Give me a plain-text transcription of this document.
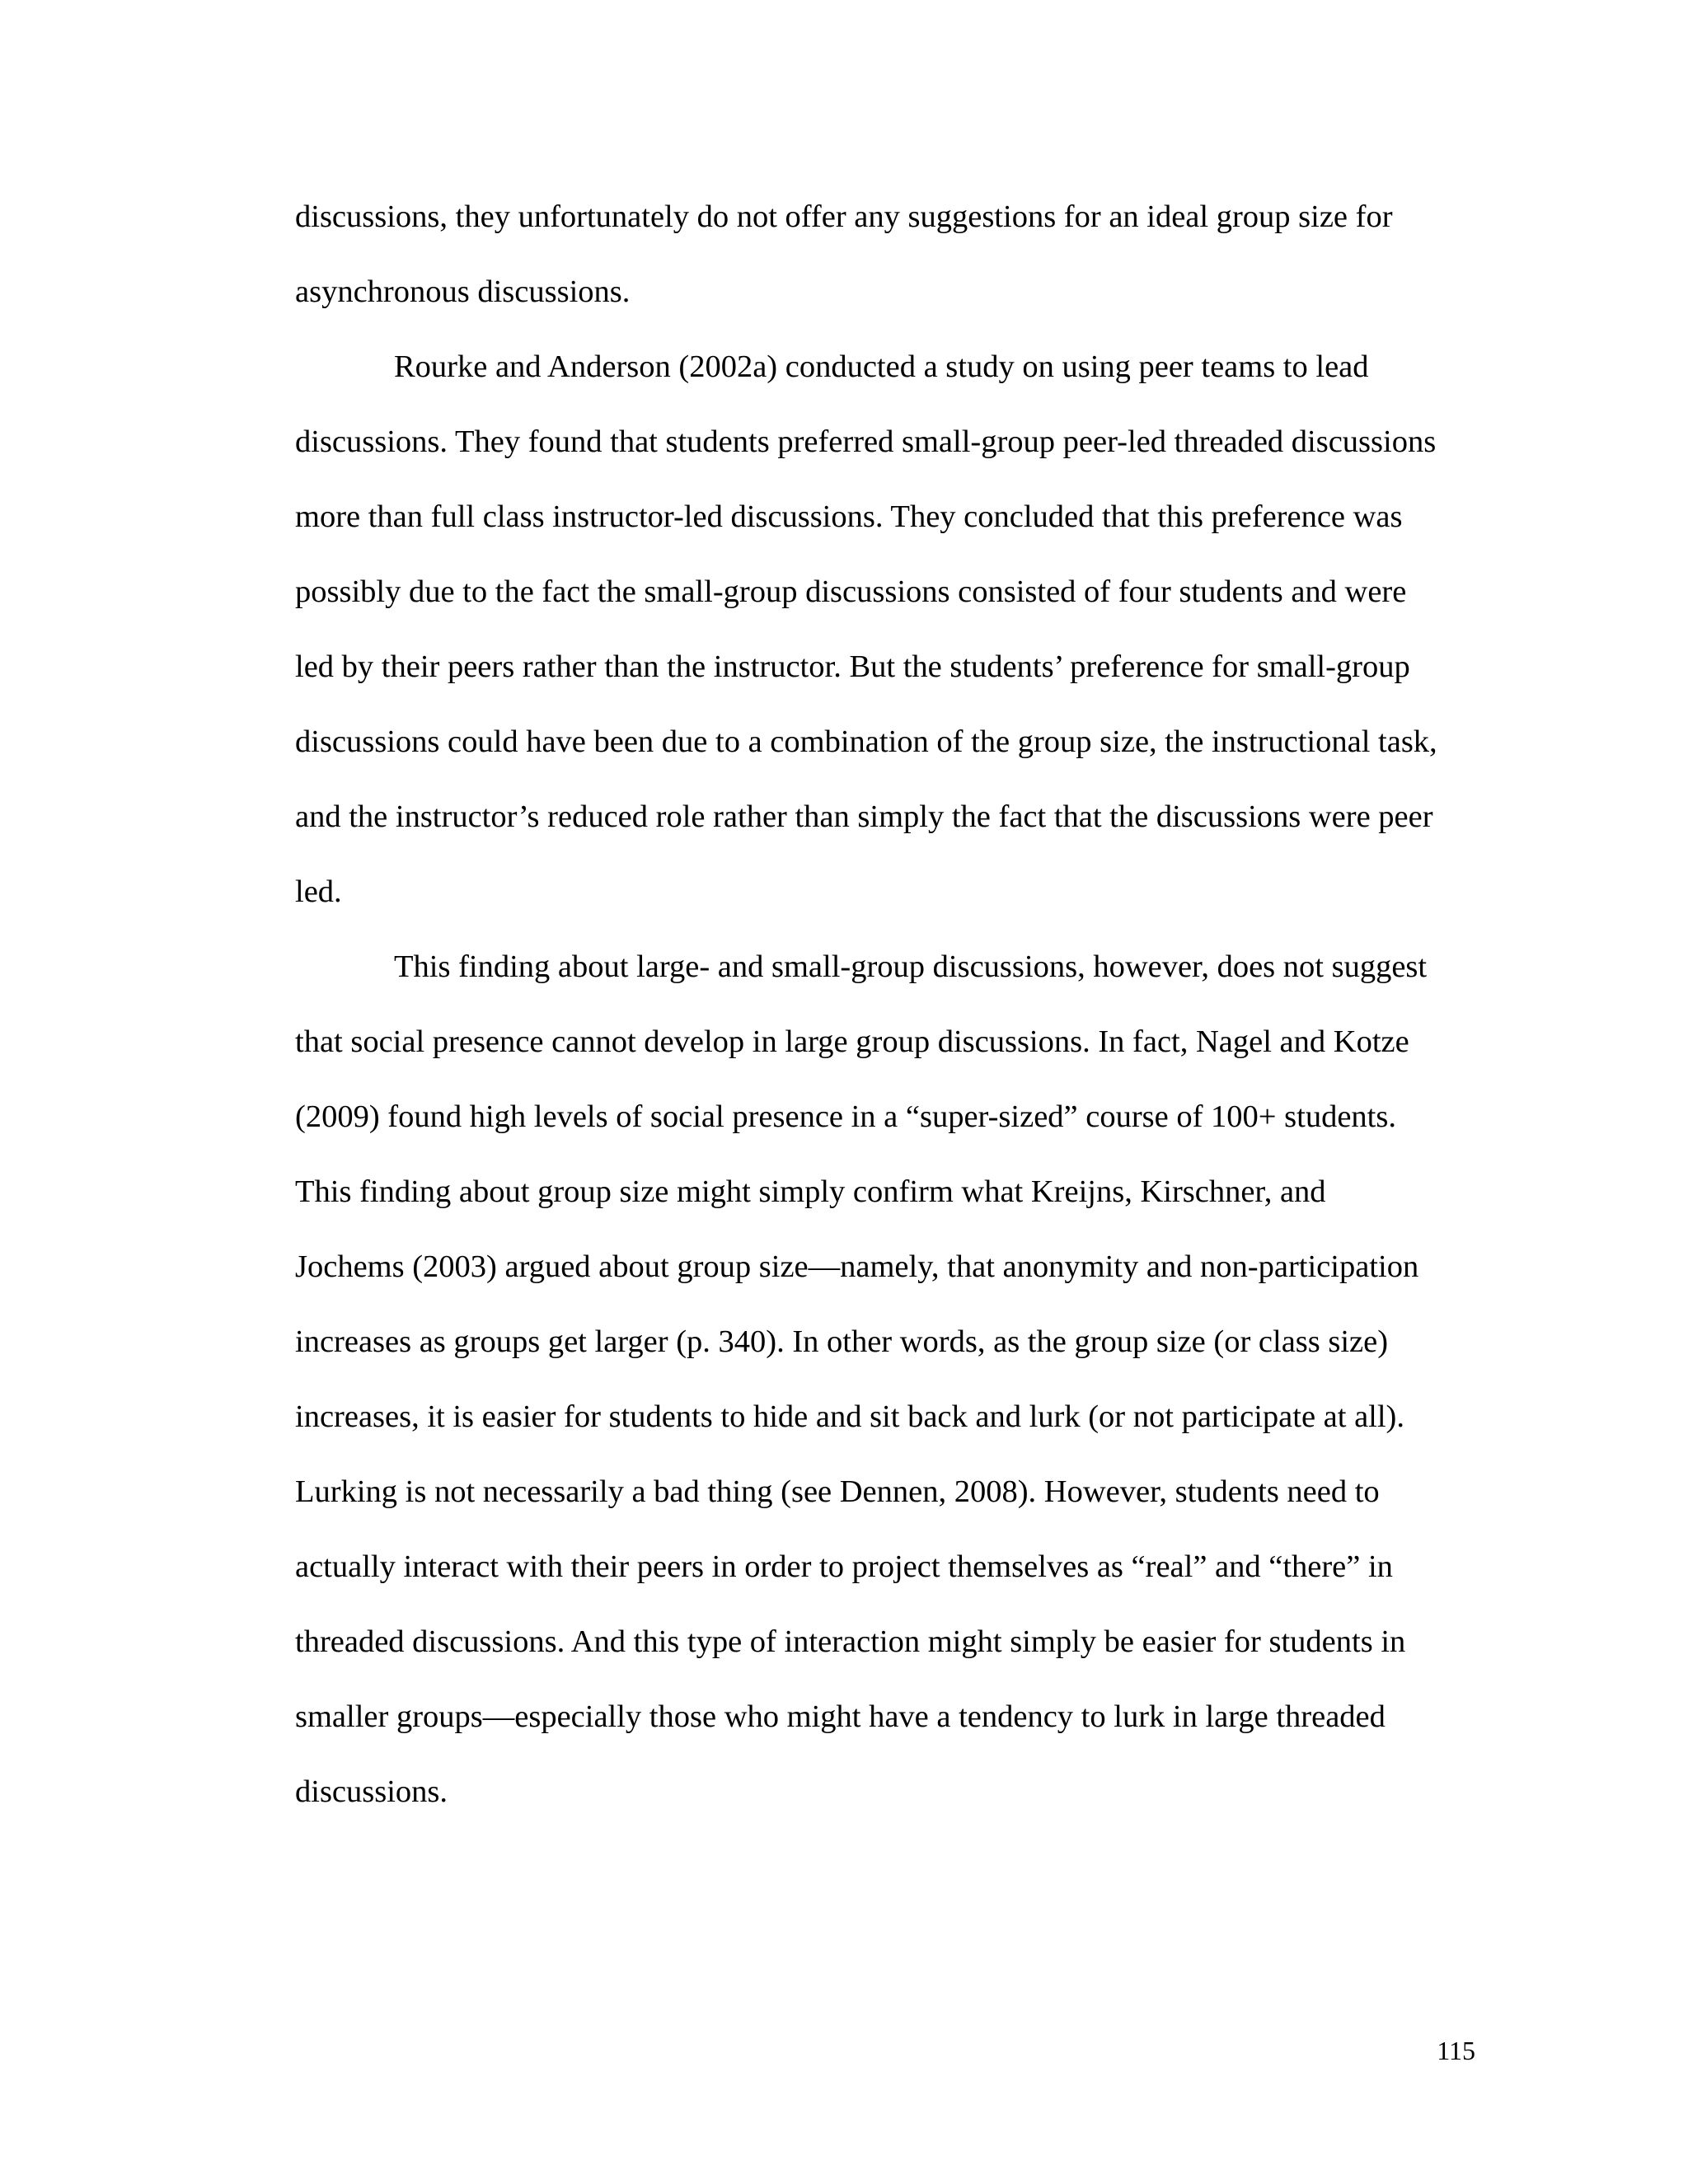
discussions, they unfortunately do not offer any suggestions for an ideal group size for
asynchronous discussions.
Rourke and Anderson (2002a) conducted a study on using peer teams to lead
discussions. They found that students preferred small-group peer-led threaded discussions
more than full class instructor-led discussions. They concluded that this preference was
possibly due to the fact the small-group discussions consisted of four students and were
led by their peers rather than the instructor. But the students’ preference for small-group
discussions could have been due to a combination of the group size, the instructional task,
and the instructor’s reduced role rather than simply the fact that the discussions were peer
led.
This finding about large- and small-group discussions, however, does not suggest
that social presence cannot develop in large group discussions. In fact, Nagel and Kotze
(2009) found high levels of social presence in a “super-sized” course of 100+ students.
This finding about group size might simply confirm what Kreijns, Kirschner, and
Jochems (2003) argued about group size—namely, that anonymity and non-participation
increases as groups get larger (p. 340). In other words, as the group size (or class size)
increases, it is easier for students to hide and sit back and lurk (or not participate at all).
Lurking is not necessarily a bad thing (see Dennen, 2008). However, students need to
actually interact with their peers in order to project themselves as “real” and “there” in
threaded discussions. And this type of interaction might simply be easier for students in
smaller groups—especially those who might have a tendency to lurk in large threaded
discussions.
115
